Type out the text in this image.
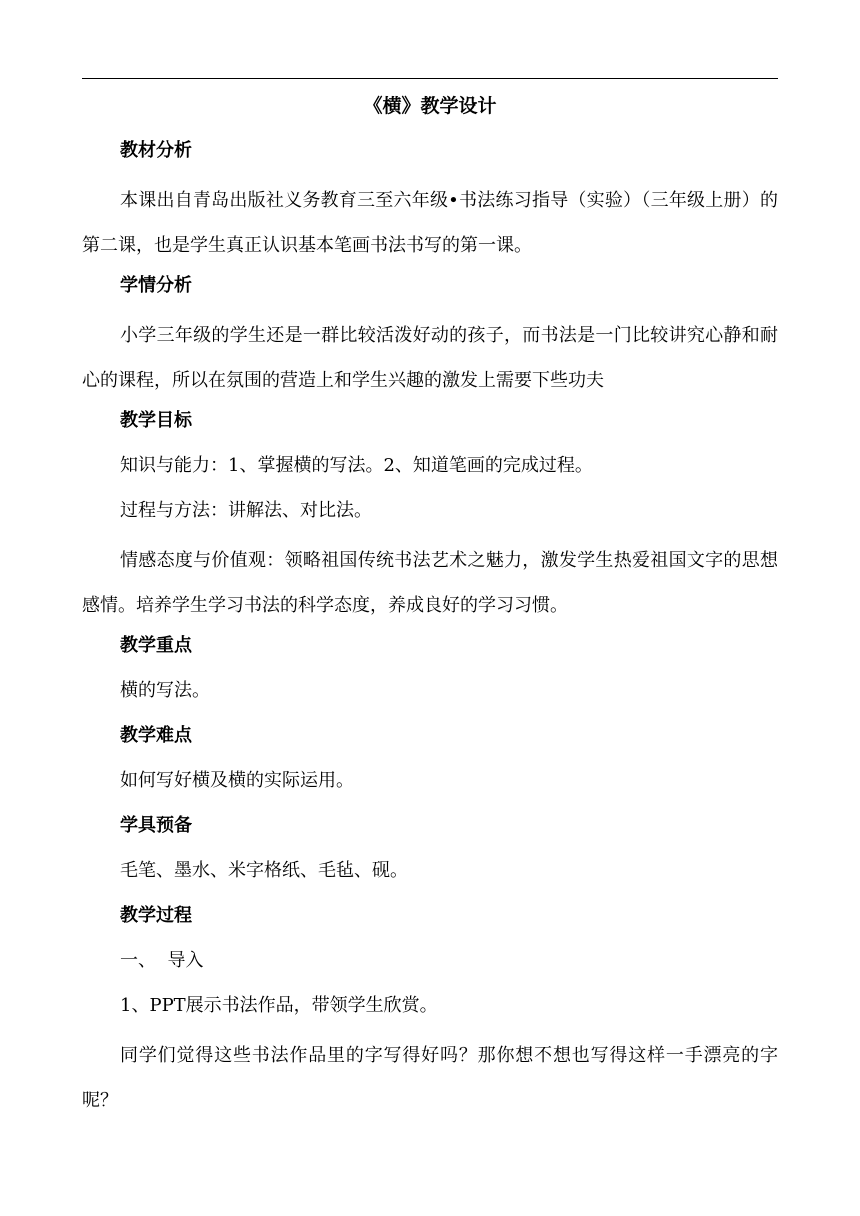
《横》教学设计
教材分析

本课出自青岛出版社义务教育三至六年级•书法练习指导（实验）（三年级上册）的第二课，也是学生真正认识基本笔画书法书写的第一课。

学情分析

小学三年级的学生还是一群比较活泼好动的孩子，而书法是一门比较讲究心静和耐心的课程，所以在氛围的营造上和学生兴趣的激发上需要下些功夫

教学目标

知识与能力：1、掌握横的写法。2、知道笔画的完成过程。

过程与方法：讲解法、对比法。

情感态度与价值观：领略祖国传统书法艺术之魅力，激发学生热爱祖国文字的思想感情。培养学生学习书法的科学态度，养成良好的学习习惯。

教学重点

横的写法。

教学难点

如何写好横及横的实际运用。

学具预备

毛笔、墨水、米字格纸、毛毡、砚。

教学过程

一、  导入

1、PPT展示书法作品，带领学生欣赏。

同学们觉得这些书法作品里的字写得好吗？那你想不想也写得这样一手漂亮的字呢？
